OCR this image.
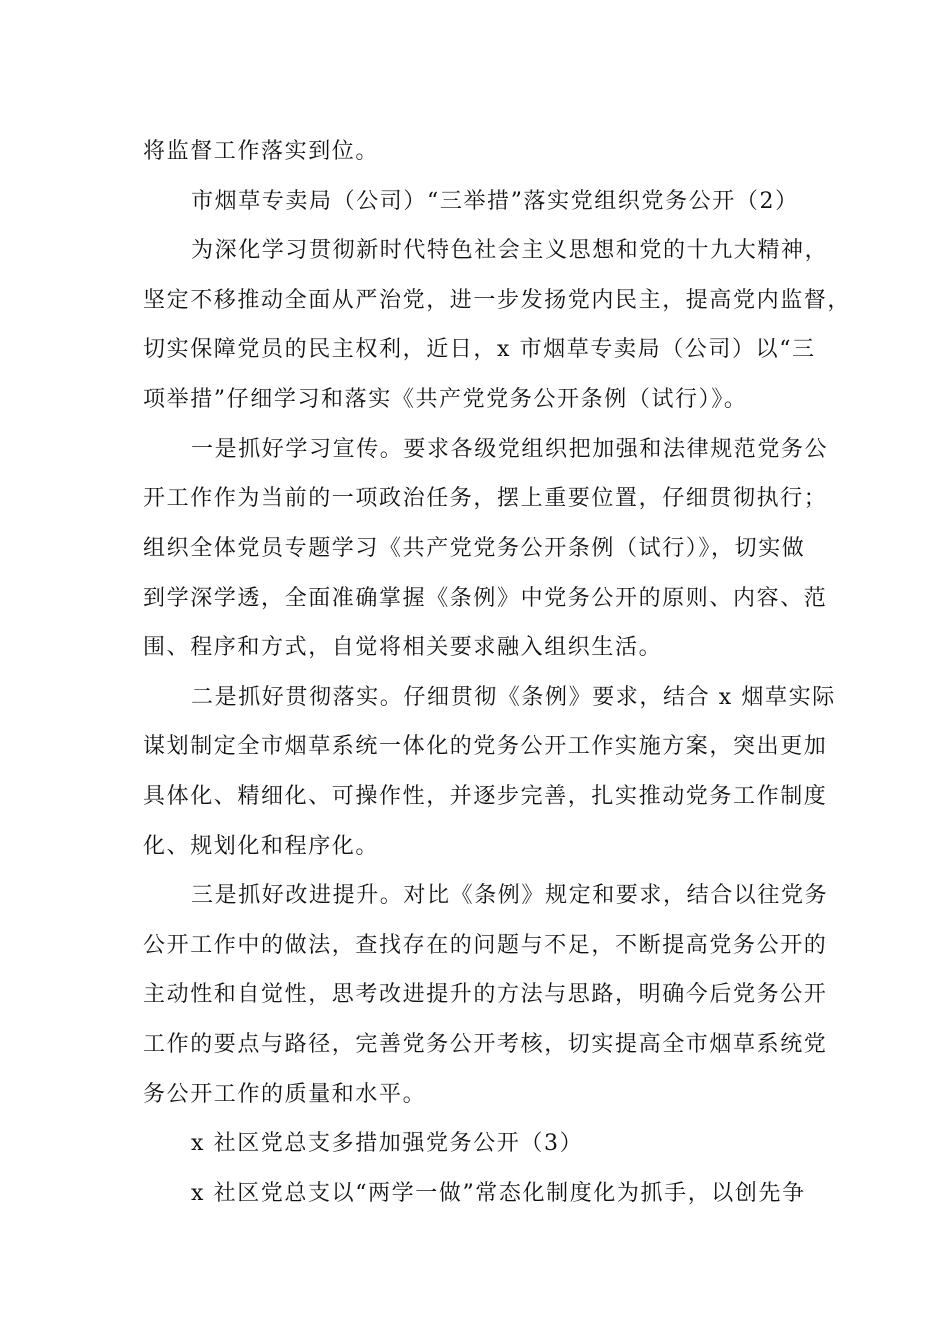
将监督工作落实到位。
市烟草专卖局（公司）“三举措”落实党组织党务公开（2）
为深化学习贯彻新时代特色社会主义思想和党的十九大精神，
坚定不移推动全面从严治党，进一步发扬党内民主，提高党内监督，
切实保障党员的民主权利，近日，x 市烟草专卖局（公司）以“三
项举措”仔细学习和落实《共产党党务公开条例（试行）》。
一是抓好学习宣传。要求各级党组织把加强和法律规范党务公
开工作作为当前的一项政治任务，摆上重要位置，仔细贯彻执行；
组织全体党员专题学习《共产党党务公开条例（试行）》，切实做
到学深学透，全面准确掌握《条例》中党务公开的原则、内容、范
围、程序和方式，自觉将相关要求融入组织生活。
二是抓好贯彻落实。仔细贯彻《条例》要求，结合 x 烟草实际
谋划制定全市烟草系统一体化的党务公开工作实施方案，突出更加
具体化、精细化、可操作性，并逐步完善，扎实推动党务工作制度
化、规划化和程序化。
三是抓好改进提升。对比《条例》规定和要求，结合以往党务
公开工作中的做法，查找存在的问题与不足，不断提高党务公开的
主动性和自觉性，思考改进提升的方法与思路，明确今后党务公开
工作的要点与路径，完善党务公开考核，切实提高全市烟草系统党
务公开工作的质量和水平。
x 社区党总支多措加强党务公开（3）
x 社区党总支以“两学一做”常态化制度化为抓手，以创先争
